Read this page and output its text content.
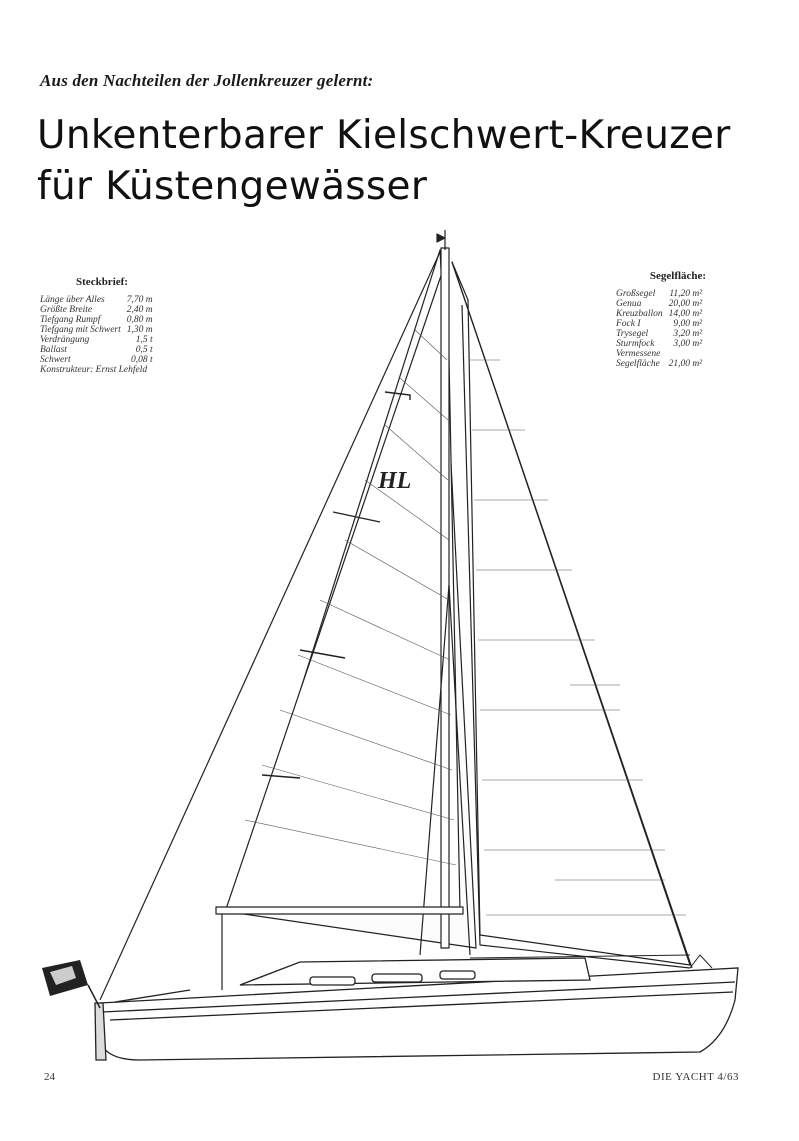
Aus den Nachteilen der Jollenkreuzer gelernt:
Unkenterbarer Kielschwert-Kreuzer
für Küstengewässer
Steckbrief:
Länge über Alles	7,70 m
Größte Breite	2,40 m
Tiefgang Rumpf	0,80 m
Tiefgang mit Schwert	1,30 m
Verdrängung	1,5 t
Ballast	0,5 t
Schwert	0,08 t
Konstrukteur: Ernst Lehfeld	
Segelfläche:
Großsegel	11,20 m²
Genua	20,00 m²
Kreuzballon	14,00 m²
Fock I	9,00 m²
Trysegel	3,20 m²
Sturmfock	3,00 m²
Vermessene	
Segelfläche	21,00 m²
HL
24	DIE YACHT 4/63
